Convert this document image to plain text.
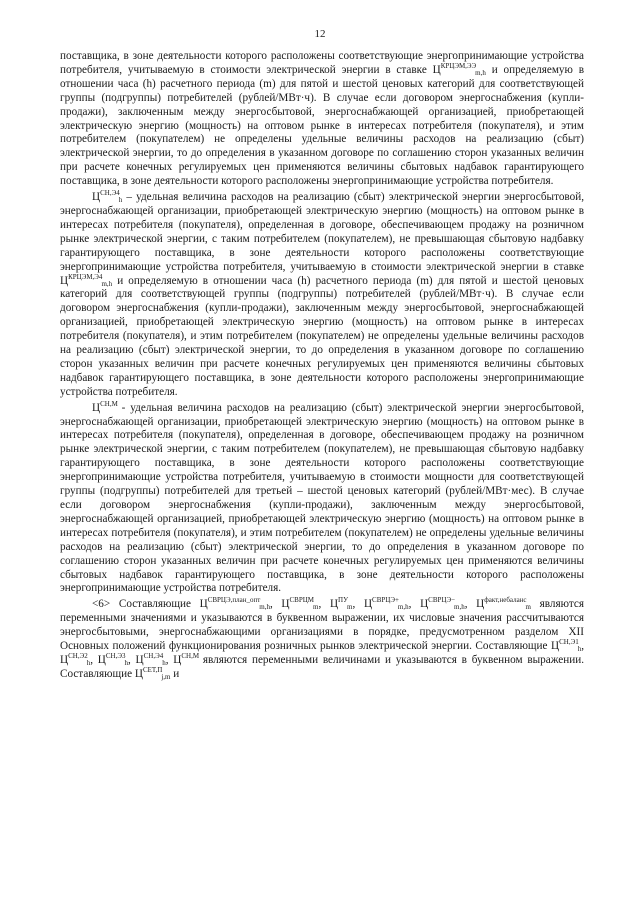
12

поставщика, в зоне деятельности которого расположены соответствующие энергопринимающие устройства потребителя, учитываемую в стоимости электрической энергии в ставке $Ц^{КРЦЭМ,ЭЭ}_{m,h}$ и определяемую в отношении часа (h) расчетного периода (m) для пятой и шестой ценовых категорий для соответствующей группы (подгруппы) потребителей (рублей/МВт·ч). В случае если договором энергоснабжения (купли-продажи), заключенным между энергосбытовой, энергоснабжающей организацией, приобретающей электрическую энергию (мощность) на оптовом рынке в интересах потребителя (покупателя), и этим потребителем (покупателем) не определены удельные величины расходов на реализацию (сбыт) электрической энергии, то до определения в указанном договоре по соглашению сторон указанных величин при расчете конечных регулируемых цен применяются величины сбытовых надбавок гарантирующего поставщика, в зоне деятельности которого расположены энергопринимающие устройства потребителя.

$Ц^{СН,Э4}_h$ – удельная величина расходов на реализацию (сбыт) электрической энергии энергосбытовой, энергоснабжающей организации, приобретающей электрическую энергию (мощность) на оптовом рынке в интересах потребителя (покупателя), определенная в договоре, обеспечивающем продажу на розничном рынке электрической энергии, с таким потребителем (покупателем), не превышающая сбытовую надбавку гарантирующего поставщика, в зоне деятельности которого расположены соответствующие энергопринимающие устройства потребителя, учитываемую в стоимости электрической энергии в ставке $Ц^{КРЦЭМ,Э4}_{m,h}$ и определяемую в отношении часа (h) расчетного периода (m) для пятой и шестой ценовых категорий для соответствующей группы (подгруппы) потребителей (рублей/МВт·ч). В случае если договором энергоснабжения (купли-продажи), заключенным между энергосбытовой, энергоснабжающей организацией, приобретающей электрическую энергию (мощность) на оптовом рынке в интересах потребителя (покупателя), и этим потребителем (покупателем) не определены удельные величины расходов на реализацию (сбыт) электрической энергии, то до определения в указанном договоре по соглашению сторон указанных величин при расчете конечных регулируемых цен применяются величины сбытовых надбавок гарантирующего поставщика, в зоне деятельности которого расположены энергопринимающие устройства потребителя.

$Ц^{СН,М}$ - удельная величина расходов на реализацию (сбыт) электрической энергии энергосбытовой, энергоснабжающей организации, приобретающей электрическую энергию (мощность) на оптовом рынке в интересах потребителя (покупателя), определенная в договоре, обеспечивающем продажу на розничном рынке электрической энергии, с таким потребителем (покупателем), не превышающая сбытовую надбавку гарантирующего поставщика, в зоне деятельности которого расположены соответствующие энергопринимающие устройства потребителя, учитываемую в стоимости мощности для соответствующей группы (подгруппы) потребителей для третьей – шестой ценовых категорий (рублей/МВт·мес). В случае если договором энергоснабжения (купли-продажи), заключенным между энергосбытовой, энергоснабжающей организацией, приобретающей электрическую энергию (мощность) на оптовом рынке в интересах потребителя (покупателя), и этим потребителем (покупателем) не определены удельные величины расходов на реализацию (сбыт) электрической энергии, то до определения в указанном договоре по соглашению сторон указанных величин при расчете конечных регулируемых цен применяются величины сбытовых надбавок гарантирующего поставщика, в зоне деятельности которого расположены энергопринимающие устройства потребителя.

<6> Составляющие $Ц^{СВРЦЭ,план\_опт}_{m,h}$, $Ц^{СВРЦМ}_m$, $Ц^{ПУ}_m$, $Ц^{СВРЦЭ+}_{m,h}$, $Ц^{СВРЦЭ-}_{m,h}$, $Ц^{факт,небаланс}_m$ являются переменными значениями и указываются в буквенном выражении, их числовые значения рассчитываются энергосбытовыми, энергоснабжающими организациями в порядке, предусмотренном разделом XII Основных положений функционирования розничных рынков электрической энергии. Составляющие $Ц^{СН,Э1}_h$, $Ц^{СН,Э2}_h$, $Ц^{СН,Э3}_h$, $Ц^{СН,Э4}_h$, $Ц^{СН,М}$ являются переменными величинами и указываются в буквенном выражении. Составляющие $Ц^{СЕТ,П}_{j,m}$ и
